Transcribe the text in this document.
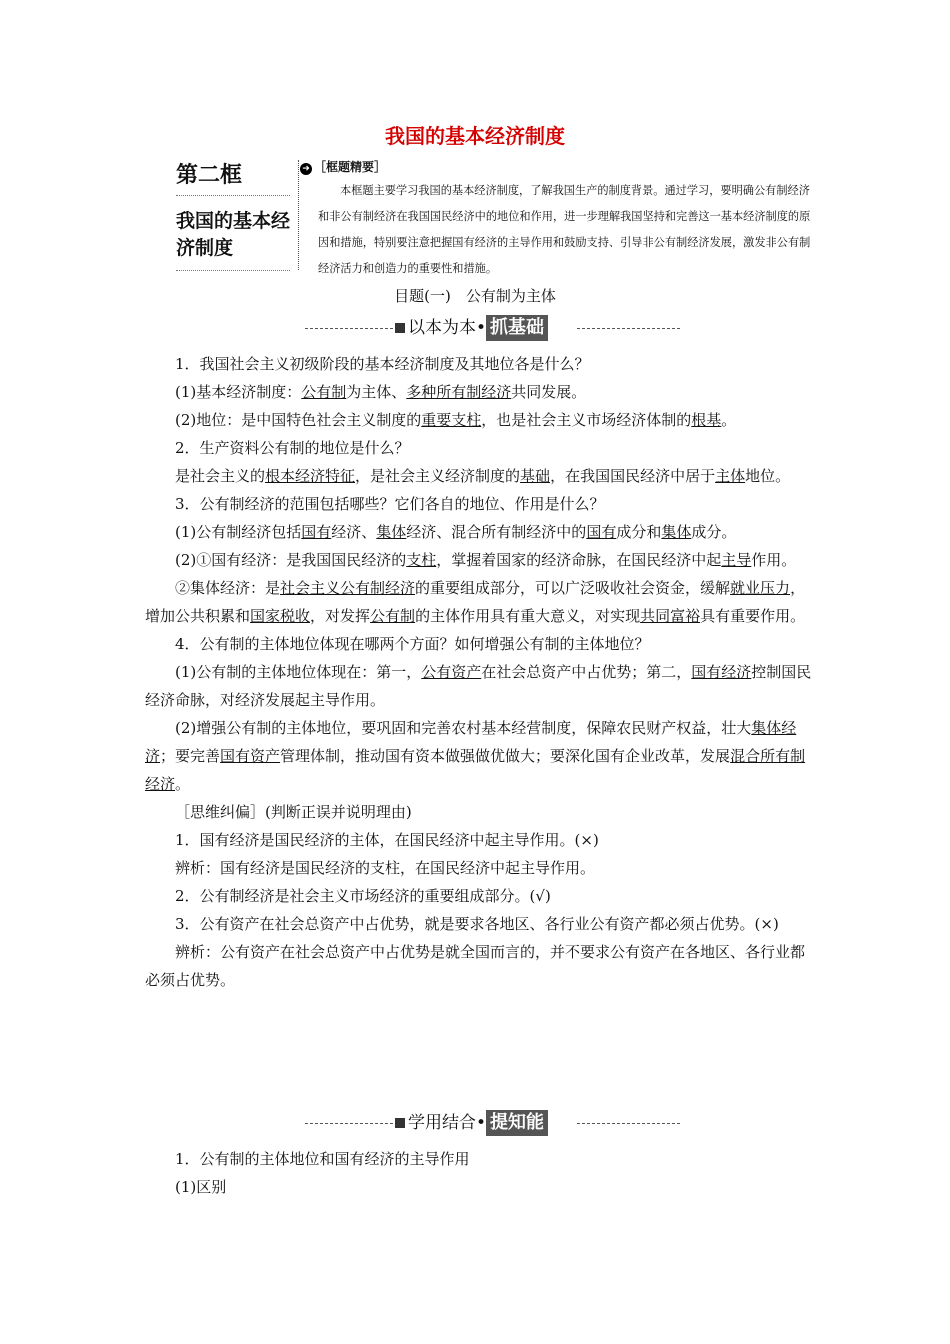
我国的基本经济制度
第二框
我国的基本经济制度
➜ ［框题精要］
本框题主要学习我国的基本经济制度，了解我国生产的制度背景。通过学习，要明确公有制经济和非公有制经济在我国国民经济中的地位和作用，进一步理解我国坚持和完善这一基本经济制度的原因和措施，特别要注意把握国有经济的主导作用和鼓励支持、引导非公有制经济发展，激发非公有制经济活力和创造力的重要性和措施。
目题(一)　公有制为主体
以本为本• 抓基础

1．我国社会主义初级阶段的基本经济制度及其地位各是什么？

(1)基本经济制度：公有制为主体、多种所有制经济共同发展。

(2)地位：是中国特色社会主义制度的重要支柱，也是社会主义市场经济体制的根基。

2．生产资料公有制的地位是什么？

是社会主义的根本经济特征，是社会主义经济制度的基础，在我国国民经济中居于主体地位。

3．公有制经济的范围包括哪些？它们各自的地位、作用是什么？

(1)公有制经济包括国有经济、集体经济、混合所有制经济中的国有成分和集体成分。

(2)①国有经济：是我国国民经济的支柱，掌握着国家的经济命脉，在国民经济中起主导作用。

②集体经济：是社会主义公有制经济的重要组成部分，可以广泛吸收社会资金，缓解就业压力，增加公共积累和国家税收，对发挥公有制的主体作用具有重大意义，对实现共同富裕具有重要作用。

4．公有制的主体地位体现在哪两个方面？如何增强公有制的主体地位？

(1)公有制的主体地位体现在：第一，公有资产在社会总资产中占优势；第二，国有经济控制国民经济命脉，对经济发展起主导作用。

(2)增强公有制的主体地位，要巩固和完善农村基本经营制度，保障农民财产权益，壮大集体经济；要完善国有资产管理体制，推动国有资本做强做优做大；要深化国有企业改革，发展混合所有制经济。

［思维纠偏］(判断正误并说明理由)

1．国有经济是国民经济的主体，在国民经济中起主导作用。(×)

辨析：国有经济是国民经济的支柱，在国民经济中起主导作用。

2．公有制经济是社会主义市场经济的重要组成部分。(√)

3．公有资产在社会总资产中占优势，就是要求各地区、各行业公有资产都必须占优势。(×)

辨析：公有资产在社会总资产中占优势是就全国而言的，并不要求公有资产在各地区、各行业都必须占优势。

学用结合• 提知能

1．公有制的主体地位和国有经济的主导作用

(1)区别
